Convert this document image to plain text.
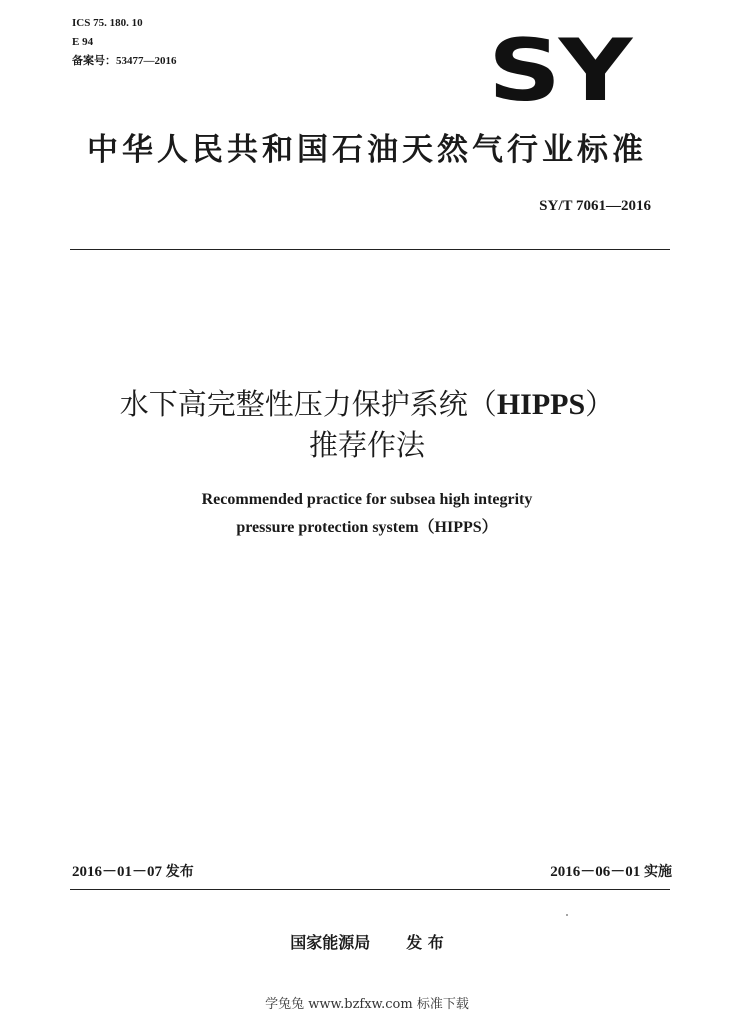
ICS 75. 180. 10
E 94
备案号：53477—2016	SY
中华人民共和国石油天然气行业标准
SY/T 7061—2016
水下高完整性压力保护系统（HIPPS）
推荐作法
Recommended practice for subsea high integrity
pressure protection system（HIPPS）
2016－01－07 发布	2016－06－01 实施
国家能源局 发 布
学兔兔 www.bzfxw.com 标准下载
